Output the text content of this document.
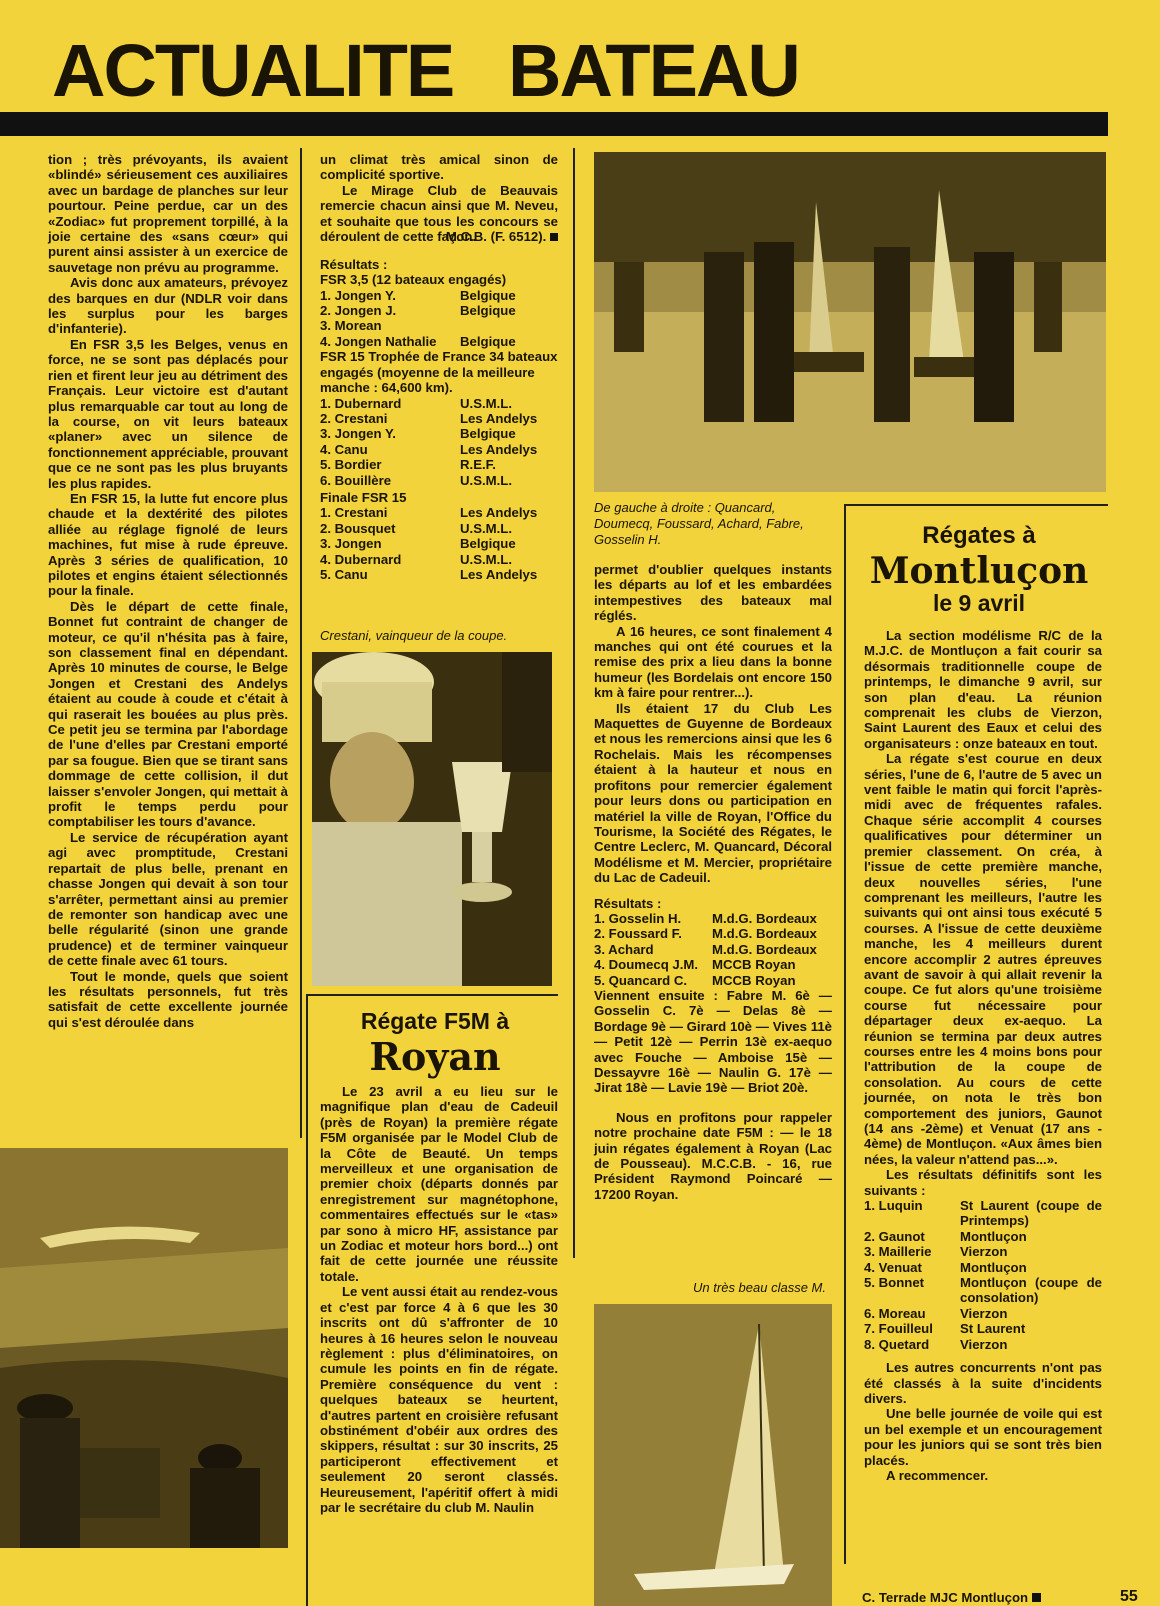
ACTUALITE BATEAU

tion ; très prévoyants, ils avaient «blindé» sérieusement ces auxiliaires avec un bardage de planches sur leur pourtour. Peine perdue, car un des «Zodiac» fut proprement torpillé, à la joie certaine des «sans cœur» qui purent ainsi assister à un exercice de sauvetage non prévu au programme.

Avis donc aux amateurs, prévoyez des barques en dur (NDLR voir dans les surplus pour les barges d'infanterie).

En FSR 3,5 les Belges, venus en force, ne se sont pas déplacés pour rien et firent leur jeu au détriment des Français. Leur victoire est d'autant plus remarquable car tout au long de la course, on vit leurs bateaux «planer» avec un silence de fonctionnement appréciable, prouvant que ce ne sont pas les plus bruyants les plus rapides.

En FSR 15, la lutte fut encore plus chaude et la dextérité des pilotes alliée au réglage fignolé de leurs machines, fut mise à rude épreuve. Après 3 séries de qualification, 10 pilotes et engins étaient sélectionnés pour la finale.

Dès le départ de cette finale, Bonnet fut contraint de changer de moteur, ce qu'il n'hésita pas à faire, son classement final en dépendant. Après 10 minutes de course, le Belge Jongen et Crestani des Andelys étaient au coude à coude et c'était à qui raserait les bouées au plus près. Ce petit jeu se termina par l'abordage de l'une d'elles par Crestani emporté par sa fougue. Bien que se tirant sans dommage de cette collision, il dut laisser s'envoler Jongen, qui mettait à profit le temps perdu pour comptabiliser les tours d'avance.

Le service de récupération ayant agi avec promptitude, Crestani repartait de plus belle, prenant en chasse Jongen qui devait à son tour s'arrêter, permettant ainsi au premier de remonter son handicap avec une belle régularité (sinon une grande prudence) et de terminer vainqueur de cette finale avec 61 tours.

Tout le monde, quels que soient les résultats personnels, fut très satisfait de cette excellente journée qui s'est déroulée dans

un climat très amical sinon de complicité sportive.

Le Mirage Club de Beauvais remercie chacun ainsi que M. Neveu, et souhaite que tous les concours se déroulent de cette façon.

M.C.B. (F. 6512).
Résultats :
FSR 3,5 (12 bateaux engagés)
1. Jongen Y.	Belgique
2. Jongen J.	Belgique
3. Morean	
4. Jongen Nathalie	Belgique
FSR 15 Trophée de France 34 bateaux engagés (moyenne de la meilleure manche : 64,600 km).
1. Dubernard	U.S.M.L.
2. Crestani	Les Andelys
3. Jongen Y.	Belgique
4. Canu	Les Andelys
5. Bordier	R.E.F.
6. Bouillère	U.S.M.L.
Finale FSR 15
1. Crestani	Les Andelys
2. Bousquet	U.S.M.L.
3. Jongen	Belgique
4. Dubernard	U.S.M.L.
5. Canu	Les Andelys
Crestani, vainqueur de la coupe.
Régate F5M à
Royan

Le 23 avril a eu lieu sur le magnifique plan d'eau de Cadeuil (près de Royan) la première régate F5M organisée par le Model Club de la Côte de Beauté. Un temps merveilleux et une organisation de premier choix (départs donnés par enregistrement sur magnétophone, commentaires effectués sur le «tas» par sono à micro HF, assistance par un Zodiac et moteur hors bord...) ont fait de cette journée une réussite totale.

Le vent aussi était au rendez-vous et c'est par force 4 à 6 que les 30 inscrits ont dû s'affronter de 10 heures à 16 heures selon le nouveau règlement : plus d'éliminatoires, on cumule les points en fin de régate. Première conséquence du vent : quelques bateaux se heurtent, d'autres partent en croisière refusant obstinément d'obéir aux ordres des skippers, résultat : sur 30 inscrits, 25 participeront effectivement et seulement 20 seront classés. Heureusement, l'apéritif offert à midi par le secrétaire du club M. Naulin

De gauche à droite : Quancard, Doumecq, Foussard, Achard, Fabre, Gosselin H.

permet d'oublier quelques instants les départs au lof et les embardées intempestives des bateaux mal réglés.

A 16 heures, ce sont finalement 4 manches qui ont été courues et la remise des prix a lieu dans la bonne humeur (les Bordelais ont encore 150 km à faire pour rentrer...).

Ils étaient 17 du Club Les Maquettes de Guyenne de Bordeaux et nous les remercions ainsi que les 6 Rochelais. Mais les récompenses étaient à la hauteur et nous en profitons pour remercier également pour leurs dons ou participation en matériel la ville de Royan, l'Office du Tourisme, la Société des Régates, le Centre Leclerc, M. Quancard, Décoral Modélisme et M. Mercier, propriétaire du Lac de Cadeuil.

Résultats :
1. Gosselin H.	M.d.G. Bordeaux
2. Foussard F.	M.d.G. Bordeaux
3. Achard	M.d.G. Bordeaux
4. Doumecq J.M.	MCCB Royan
5. Quancard C.	MCCB Royan

Viennent ensuite : Fabre M. 6è — Gosselin C. 7è — Delas 8è — Bordage 9è — Girard 10è — Vives 11è — Petit 12è — Perrin 13è ex-aequo avec Fouche — Amboise 15è — Dessayvre 16è — Naulin G. 17è — Jirat 18è — Lavie 19è — Briot 20è.

Nous en profitons pour rappeler notre prochaine date F5M : — le 18 juin régates également à Royan (Lac de Pousseau). M.C.C.B. - 16, rue Président Raymond Poincaré — 17200 Royan.

Un très beau classe M.
Régates à
Montluçon
le 9 avril

La section modélisme R/C de la M.J.C. de Montluçon a fait courir sa désormais traditionnelle coupe de printemps, le dimanche 9 avril, sur son plan d'eau. La réunion comprenait les clubs de Vierzon, Saint Laurent des Eaux et celui des organisateurs : onze bateaux en tout.

La régate s'est courue en deux séries, l'une de 6, l'autre de 5 avec un vent faible le matin qui forcit l'après-midi avec de fréquentes rafales. Chaque série accomplit 4 courses qualificatives pour déterminer un premier classement. On créa, à l'issue de cette première manche, deux nouvelles séries, l'une comprenant les meilleurs, l'autre les suivants qui ont ainsi tous exécuté 5 courses. A l'issue de cette deuxième manche, les 4 meilleurs durent encore accomplir 2 autres épreuves avant de savoir à qui allait revenir la coupe. Ce fut alors qu'une troisième course fut nécessaire pour départager deux ex-aequo. La réunion se termina par deux autres courses entre les 4 moins bons pour l'attribution de la coupe de consolation. Au cours de cette journée, on nota le très bon comportement des juniors, Gaunot (14 ans -2ème) et Venuat (17 ans - 4ème) de Montluçon. «Aux âmes bien nées, la valeur n'attend pas...».

Les résultats définitifs sont les suivants :

1. Luquin	St Laurent (coupe de Printemps)
2. Gaunot	Montluçon
3. Maillerie	Vierzon
4. Venuat	Montluçon
5. Bonnet	Montluçon (coupe de consolation)
6. Moreau	Vierzon
7. Fouilleul	St Laurent
8. Quetard	Vierzon

Les autres concurrents n'ont pas été classés à la suite d'incidents divers.

Une belle journée de voile qui est un bel exemple et un encouragement pour les juniors qui se sont très bien placés.

A recommencer.

C. Terrade MJC Montluçon	55
